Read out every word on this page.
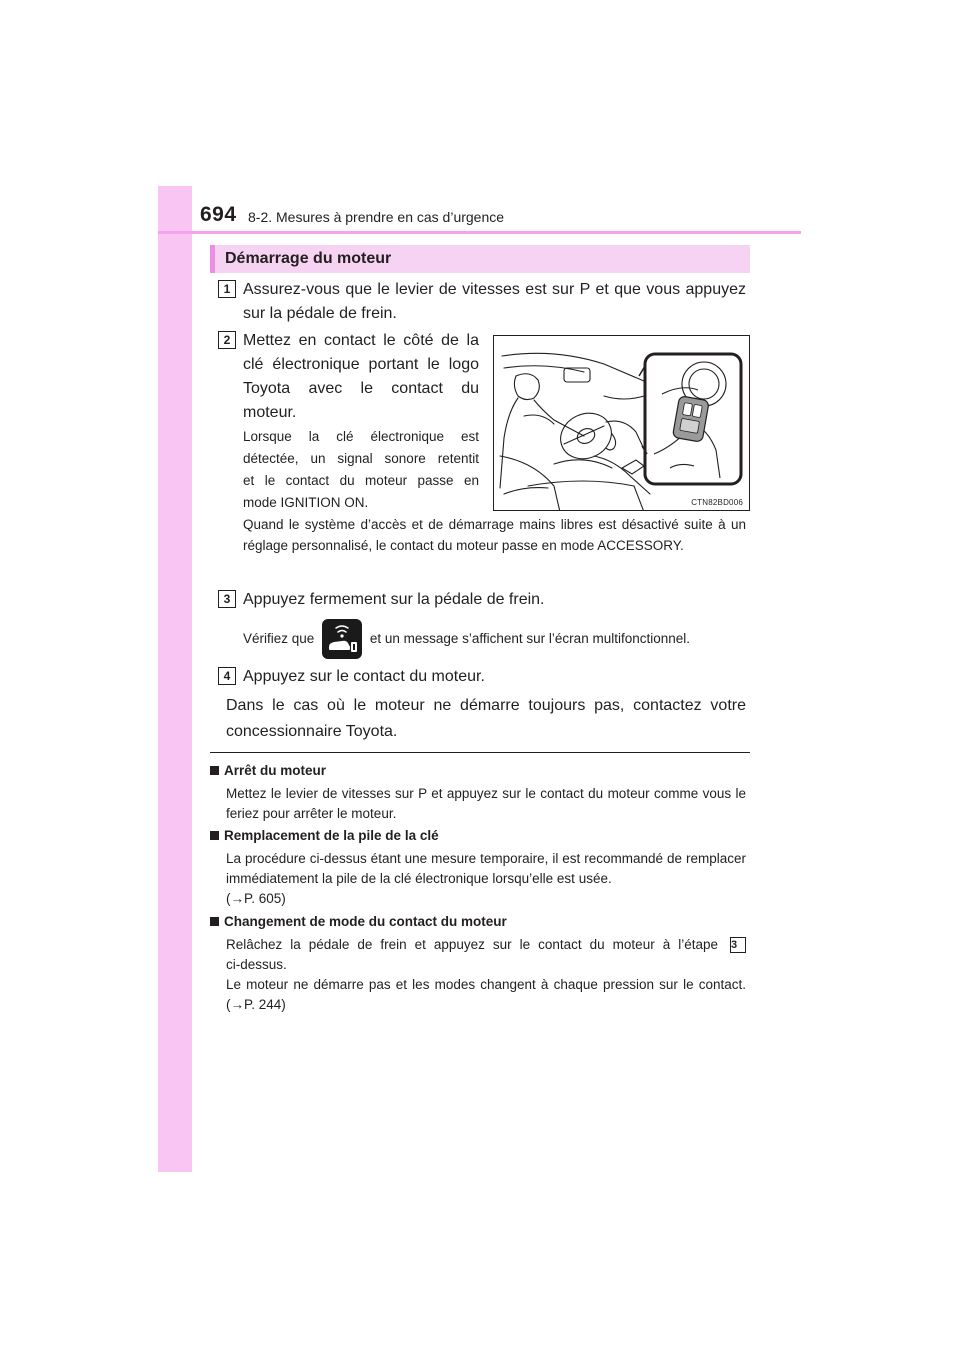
694 8-2. Mesures à prendre en cas d’urgence
Démarrage du moteur
1 Assurez-vous que le levier de vitesses est sur P et que vous appuyez sur la pédale de frein.
2 Mettez en contact le côté de la
clé électronique portant le logo
Toyota avec le contact du
moteur.
Lorsque la clé électronique est
détectée, un signal sonore retentit
et le contact du moteur passe en
mode IGNITION ON.	CTN82BD006
Quand le système d’accès et de démarrage mains libres est désactivé suite à un réglage personnalisé, le contact du moteur passe en mode ACCESSORY.
3 Appuyez fermement sur la pédale de frein.
Vérifiez que	et un message s’affichent sur l’écran multifonctionnel.
4 Appuyez sur le contact du moteur.
Dans le cas où le moteur ne démarre toujours pas, contactez votre concessionnaire Toyota.
Arrêt du moteur
Mettez le levier de vitesses sur P et appuyez sur le contact du moteur comme vous le feriez pour arrêter le moteur.
Remplacement de la pile de la clé
La procédure ci-dessus étant une mesure temporaire, il est recommandé de remplacer immédiatement la pile de la clé électronique lorsqu’elle est usée.
(→P. 605)
Changement de mode du contact du moteur
Relâchez la pédale de frein et appuyez sur le contact du moteur à l’étape 3
ci-dessus.
Le moteur ne démarre pas et les modes changent à chaque pression sur le contact. (→P. 244)
